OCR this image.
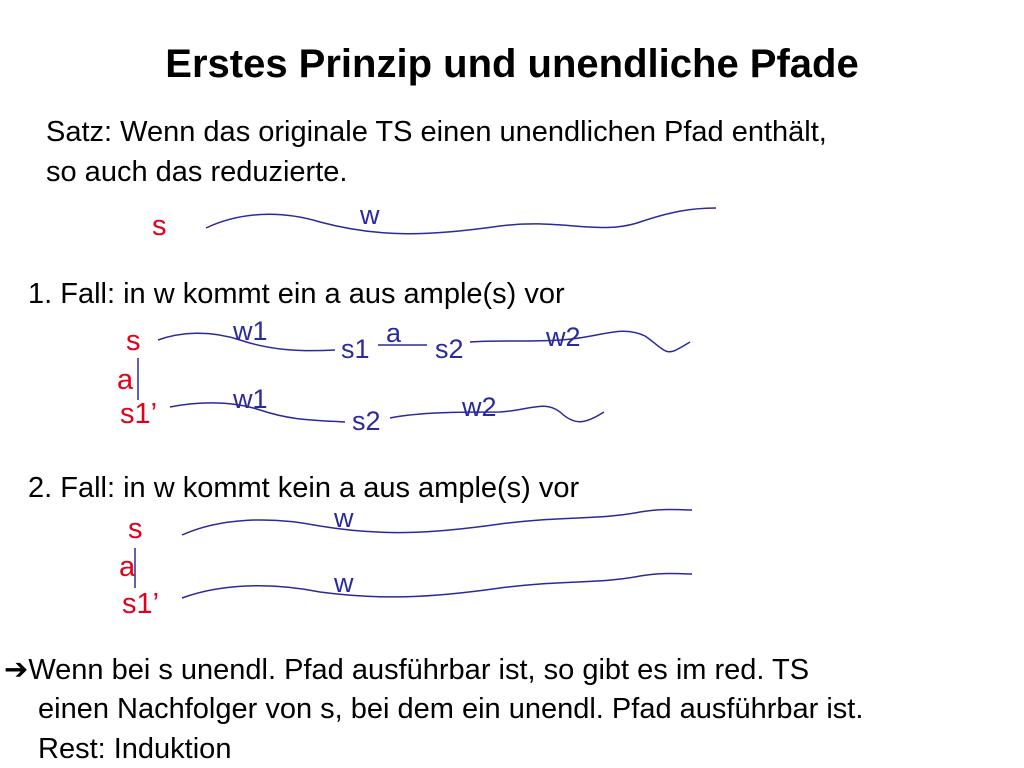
Erstes Prinzip und unendliche Pfade
Satz: Wenn das originale TS einen unendlichen Pfad enthält,
so auch das reduzierte.
s	w
1. Fall: in w kommt ein a aus ample(s) vor
s	w1
s1
a
s2	w2
a
s1’	w1
s2	w2
2. Fall: in w kommt kein a aus ample(s) vor
s	w
a
s1’
w
➔Wenn bei s unendl. Pfad ausführbar ist, so gibt es im red. TS
einen Nachfolger von s, bei dem ein unendl. Pfad ausführbar ist.
Rest: Induktion
